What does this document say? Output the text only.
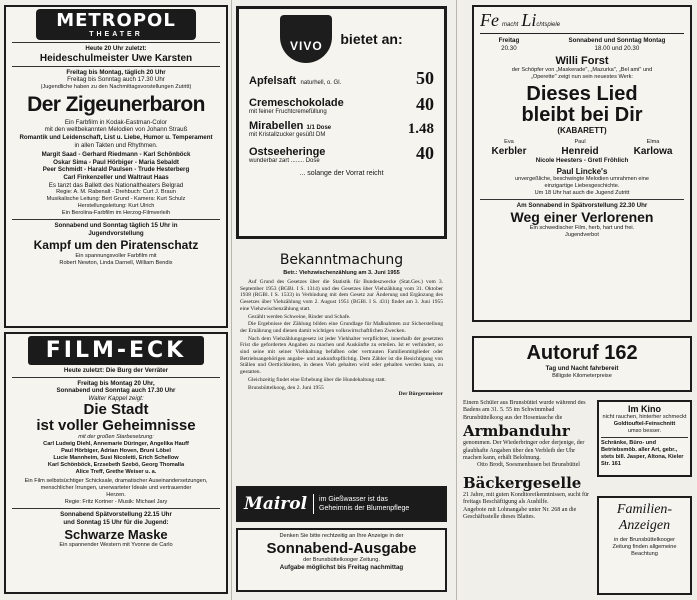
METROPOL
THEATER
Heute 20 Uhr zuletzt:
Heideschulmeister Uwe Karsten
Freitag bis Montag, täglich 20 Uhr
Freitag bis Sonntag auch 17.30 Uhr
(Jugendliche haben zu den Nachmittagsvorstellungen Zutritt)
Der Zigeunerbaron
Ein Farbfilm in Kodak-Eastman-Color
mit den weltbekannten Melodien von Johann Strauß
Romantik und Leidenschaft, List u. Liebe, Humor u. Temperament
in allen Takten und Rhythmen.
Margit Saad - Gerhard Riedmann - Karl Schönböck
Oskar Sima - Paul Hörbiger - Maria Sebaldt
Peer Schmidt - Harald Paulsen - Trude Hesterberg
Carl Finkenzeller und Waltraut Haas
Es tanzt das Ballett des Nationaltheaters Belgrad
Regie: A. M. Rabenalt - Drehbuch: Curt J. Braun
Musikalische Leitung: Bert Grund - Kamera: Kurt Schulz
Herstellungsleitung: Kurt Ulrich
Ein Berolina-Farbfilm im Herzog-Filmverleih
Sonnabend und Sonntag täglich 15 Uhr in
Jugendvorstellung
Kampf um den Piratenschatz
Ein spannungsvoller Farbfilm mit
Robert Newton, Linda Darnell, William Bendix
FILM-ECK
Heute zuletzt: Die Burg der Verräter
Freitag bis Montag 20 Uhr,
Sonnabend und Sonntag auch 17.30 Uhr
Walter Kappel zeigt:
Die Stadt
ist voller Geheimnisse
mit der großen Starbesetzung:
Carl Ludwig Diehl, Annemarie Düringer, Angelika Hauff
Paul Hörbiger, Adrian Hoven, Bruni Löbel
Lucie Mannheim, Susi Nicoletti, Erich Schellow
Karl Schönböck, Erzsebeth Szebö, Georg Thomalla
Alice Treff, Grethe Weiser u. a.
Ein Film selbstsüchtiger Schicksale, dramatischer Auseinandersetzungen,
menschlicher Irrungen, unerwarteter Ideale und vertrauender
Herzen.
Regie: Fritz Kortner - Musik: Michael Jary
Sonnabend Spätvorstellung 22.15 Uhr
und Sonntag 15 Uhr für die Jugend:
Schwarze Maske
Ein spannender Western mit Yvonne de Carlo
VIVO bietet an:
Apfelsaft naturhell, o. Gl.	50
Cremeschokolade
mit feiner Fruchtcremefüllung	40
Mirabellen 1/1 Dose
mit Kristallzucker gesüßt DM	1.48
Ostseeheringe
wunderbar zart ........ Dose	40
... solange der Vorrat reicht
Bekanntmachung
Betr.: Viehzwischenzählung am 3. Juni 1955

Auf Grund des Gesetzes über die Statistik für Bundeszwecke (Stat.Ges.) vom 3. September 1953 (BGBl. I S. 1314) und des Gesetzes über Viehzählung vom 31. Oktober 1938 (RGBl. I S. 1533) in Verbindung mit dem Gesetz zur Änderung und Ergänzung des Gesetzes über Viehzählung vom 2. August 1951 (BGBl. I S. 431) findet am 3. Juni 1955 eine Viehzwischenzählung statt.

Gezählt werden Schweine, Rinder und Schafe.

Die Ergebnisse der Zählung bilden eine Grundlage für Maßnahmen zur Sicherstellung der Ernährung und dienen damit wichtigen volkswirtschaftlichen Zwecken.

Nach dem Viehzählungsgesetz ist jeder Viehhalter verpflichtet, innerhalb der gesetzten Frist die geforderten Angaben zu machen und Auskünfte zu erteilen. Ist er verhindert, so sind seine mit seiner Viehhaltung befaßten oder vertrauten Familienmitglieder oder Betriebsangehörigen angabe- und auskunftspflichtig. Dem Zähler ist die Besichtigung von Ställen und Oertlichkeiten, in denen Vieh gehalten wird oder gehalten werden kann, zu gestatten.

Gleichzeitig findet eine Erhebung über die Hundehaltung statt.

Brunsbüttelkoog, den 2. Juni 1955

Der Bürgermeister
Mairol	im Gießwasser ist das
Geheimnis der Blumenpflege
Denken Sie bitte rechtzeitig an Ihre Anzeige in der
Sonnabend-Ausgabe
der Brunsbüttelkooger Zeitung.
Aufgabe möglichst bis Freitag nachmittag
Fe macht Li chtspiele
Freitag
20.30
Sonnabend und Sonntag Montag
18.00 und 20.30
Willi Forst
der Schöpfer von „Maskerade", „Mazurka", „Bel ami" und
„Operette" zeigt nun sein neuestes Werk:
Dieses Lied
bleibt bei Dir
(KABARETT)
Eva
Kerbler
Paul
Henreid
Elma
Karlowa
Nicole Heesters - Gretl Fröhlich
Paul Lincke's
unvergeßliche, beschwingte Melodien umrahmen eine
einzigartige Liebesgeschichte.
Um 18 Uhr hat auch die Jugend Zutritt
Am Sonnabend in Spätvorstellung 22.30 Uhr
Weg einer Verlorenen
Ein schwedischer Film, herb, hart und frei.
Jugendverbot
Autoruf 162
Tag und Nacht fahrbereit
Billigste Kilometerpreise
Einem Schüler aus Brunsbüttel wurde während des Badens am 31. 5. 55 im Schwimmbad Brunsbüttelkoog aus der Hosentasche die
Armbanduhr
genommen. Der Wiederbringer oder derjenige, der glaubhafte Angaben über den Verbleib der Uhr machen kann, erhält Belohnung.
Otto Brodt, Soesmenhusen bei Brunsbüttel
Bäckergeselle
21 Jahre, mit guten Konditoreikenntnissen, sucht für freitags Beschäftigung als Aushilfe.
Angebote mit Lohnangabe unter Nr. 268 an die Geschäftsstelle dieses Blattes.
Im Kino
nicht rauchen, hinterher schmeckt
Goldtouftel-Feinschnitt
umso besser.
Schränke, Büro- und Betriebsmöb. aller Art, gebr., stets bill. Jasper, Altona, Kieler Str. 161
Familien-
Anzeigen
in der Brunsbüttelkooger
Zeitung finden allgemeine
Beachtung
